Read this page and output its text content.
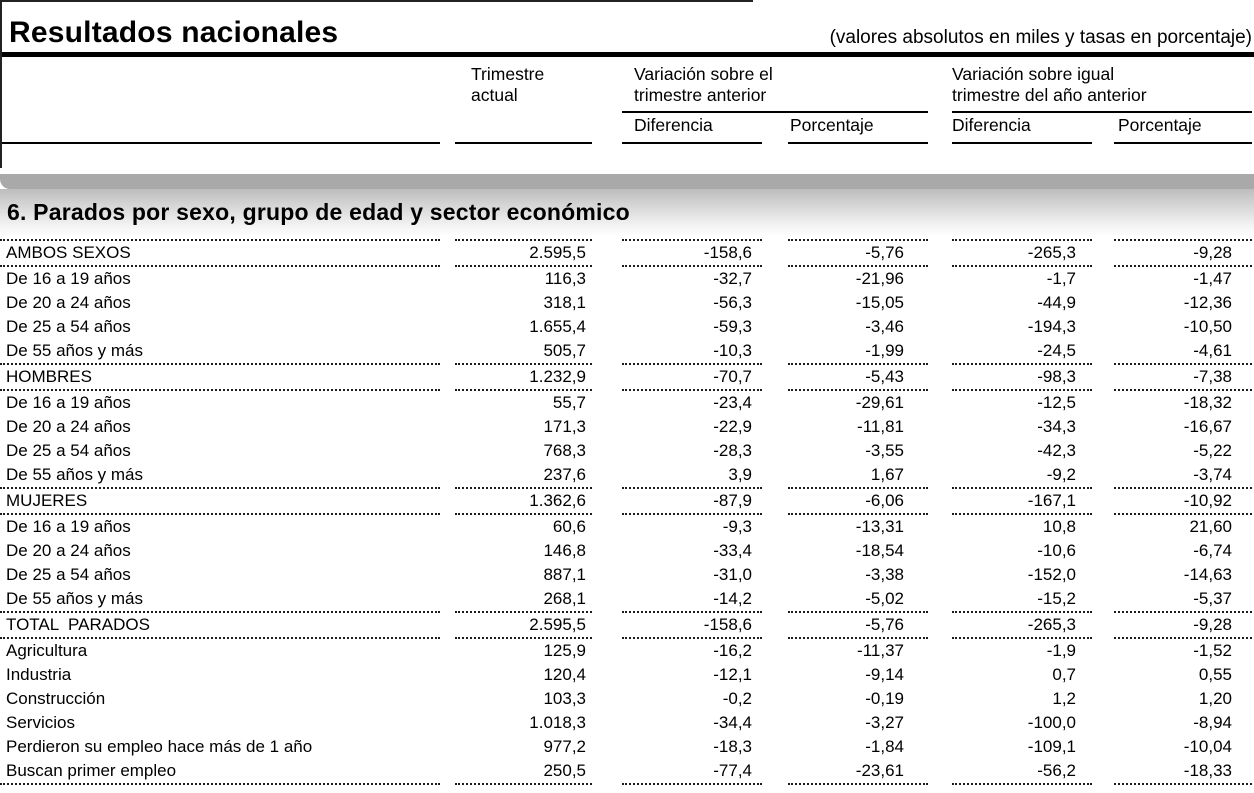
Resultados nacionales	(valores absolutos en miles y tasas en porcentaje)
Trimestre	Variación sobre el	Variación sobre igual
actual	trimestre anterior	trimestre del año anterior
Diferencia	Porcentaje	Diferencia	Porcentaje
6. Parados por sexo, grupo de edad y sector económico
AMBOS SEXOS	2.595,5	-158,6	-5,76	-265,3	-9,28
De 16 a 19 años	116,3	-32,7	-21,96	-1,7	-1,47
De 20 a 24 años	318,1	-56,3	-15,05	-44,9	-12,36
De 25 a 54 años	1.655,4	-59,3	-3,46	-194,3	-10,50
De 55 años y más	505,7	-10,3	-1,99	-24,5	-4,61
HOMBRES	1.232,9	-70,7	-5,43	-98,3	-7,38
De 16 a 19 años	55,7	-23,4	-29,61	-12,5	-18,32
De 20 a 24 años	171,3	-22,9	-11,81	-34,3	-16,67
De 25 a 54 años	768,3	-28,3	-3,55	-42,3	-5,22
De 55 años y más	237,6	3,9	1,67	-9,2	-3,74
MUJERES	1.362,6	-87,9	-6,06	-167,1	-10,92
De 16 a 19 años	60,6	-9,3	-13,31	10,8	21,60
De 20 a 24 años	146,8	-33,4	-18,54	-10,6	-6,74
De 25 a 54 años	887,1	-31,0	-3,38	-152,0	-14,63
De 55 años y más	268,1	-14,2	-5,02	-15,2	-5,37
TOTAL  PARADOS	2.595,5	-158,6	-5,76	-265,3	-9,28
Agricultura	125,9	-16,2	-11,37	-1,9	-1,52
Industria	120,4	-12,1	-9,14	0,7	0,55
Construcción	103,3	-0,2	-0,19	1,2	1,20
Servicios	1.018,3	-34,4	-3,27	-100,0	-8,94
Perdieron su empleo hace más de 1 año	977,2	-18,3	-1,84	-109,1	-10,04
Buscan primer empleo	250,5	-77,4	-23,61	-56,2	-18,33
